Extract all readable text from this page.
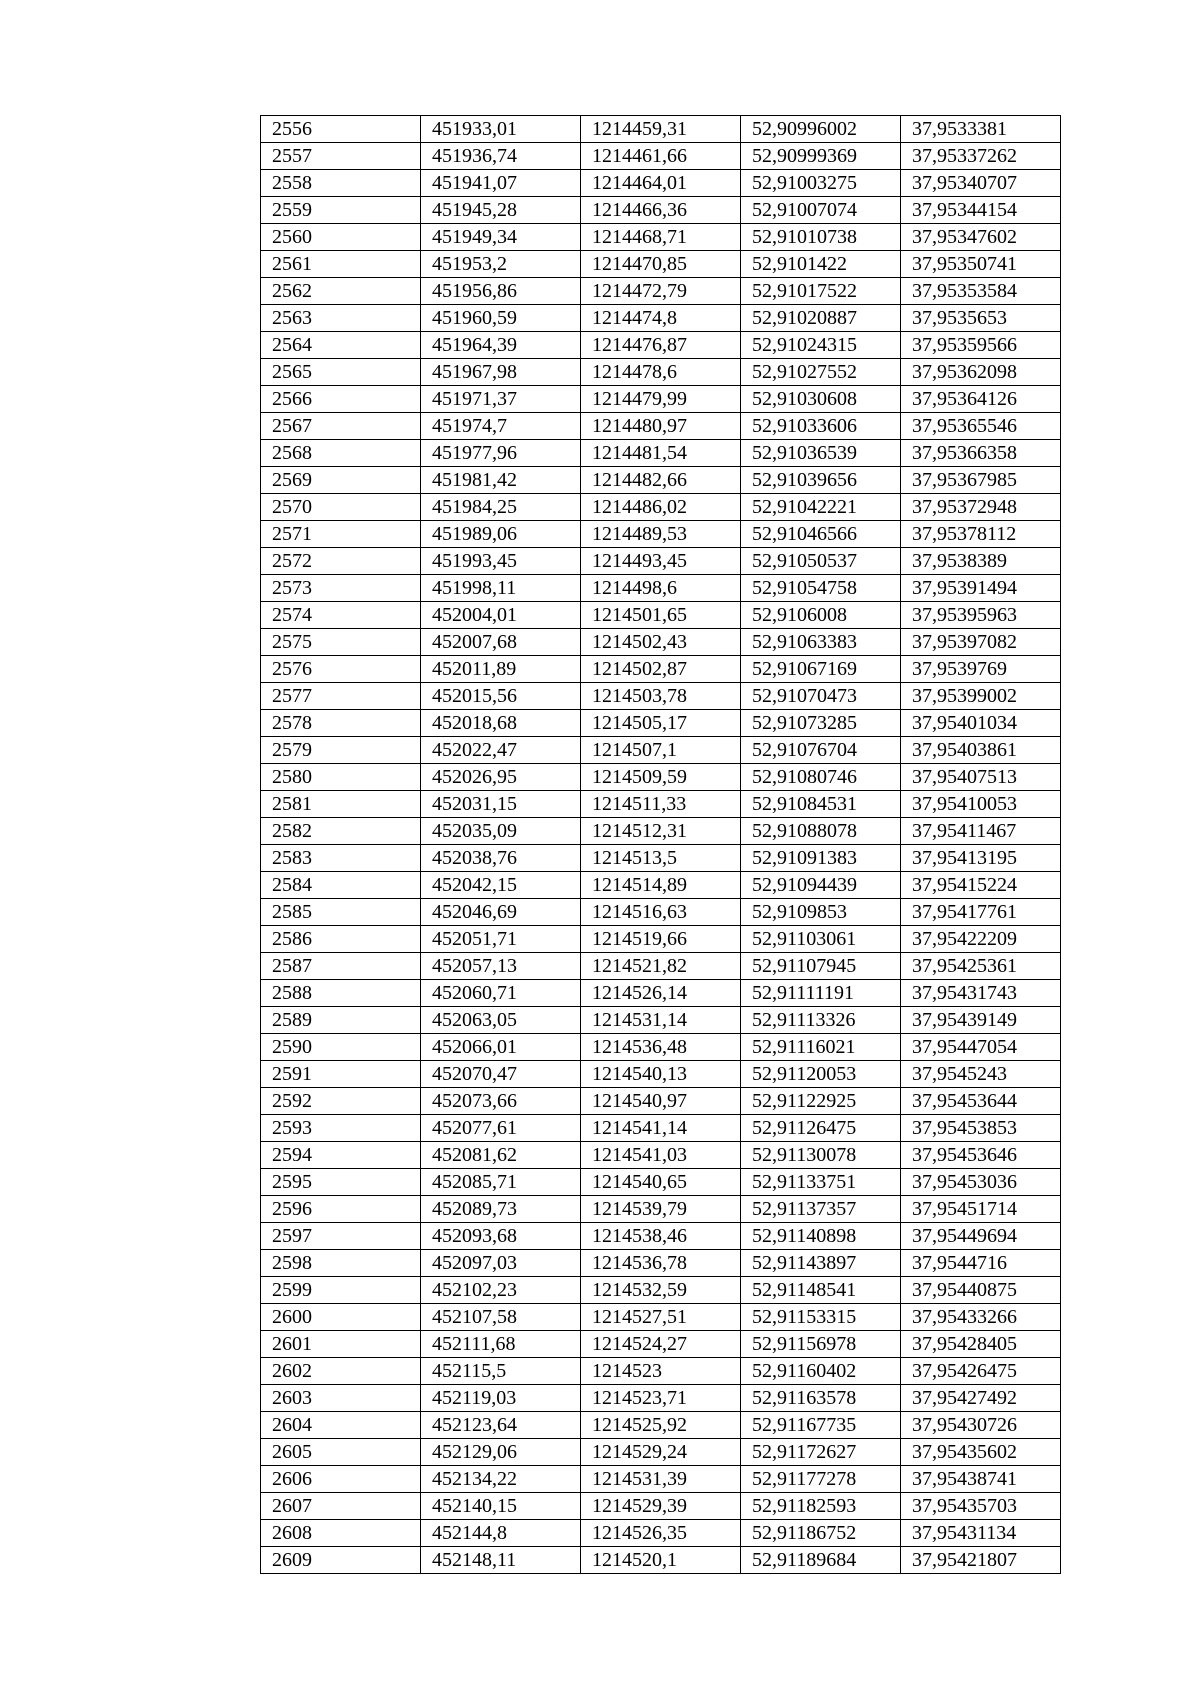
2556	451933,01	1214459,31	52,90996002	37,9533381
2557	451936,74	1214461,66	52,90999369	37,95337262
2558	451941,07	1214464,01	52,91003275	37,95340707
2559	451945,28	1214466,36	52,91007074	37,95344154
2560	451949,34	1214468,71	52,91010738	37,95347602
2561	451953,2	1214470,85	52,9101422	37,95350741
2562	451956,86	1214472,79	52,91017522	37,95353584
2563	451960,59	1214474,8	52,91020887	37,9535653
2564	451964,39	1214476,87	52,91024315	37,95359566
2565	451967,98	1214478,6	52,91027552	37,95362098
2566	451971,37	1214479,99	52,91030608	37,95364126
2567	451974,7	1214480,97	52,91033606	37,95365546
2568	451977,96	1214481,54	52,91036539	37,95366358
2569	451981,42	1214482,66	52,91039656	37,95367985
2570	451984,25	1214486,02	52,91042221	37,95372948
2571	451989,06	1214489,53	52,91046566	37,95378112
2572	451993,45	1214493,45	52,91050537	37,9538389
2573	451998,11	1214498,6	52,91054758	37,95391494
2574	452004,01	1214501,65	52,9106008	37,95395963
2575	452007,68	1214502,43	52,91063383	37,95397082
2576	452011,89	1214502,87	52,91067169	37,9539769
2577	452015,56	1214503,78	52,91070473	37,95399002
2578	452018,68	1214505,17	52,91073285	37,95401034
2579	452022,47	1214507,1	52,91076704	37,95403861
2580	452026,95	1214509,59	52,91080746	37,95407513
2581	452031,15	1214511,33	52,91084531	37,95410053
2582	452035,09	1214512,31	52,91088078	37,95411467
2583	452038,76	1214513,5	52,91091383	37,95413195
2584	452042,15	1214514,89	52,91094439	37,95415224
2585	452046,69	1214516,63	52,9109853	37,95417761
2586	452051,71	1214519,66	52,91103061	37,95422209
2587	452057,13	1214521,82	52,91107945	37,95425361
2588	452060,71	1214526,14	52,91111191	37,95431743
2589	452063,05	1214531,14	52,91113326	37,95439149
2590	452066,01	1214536,48	52,91116021	37,95447054
2591	452070,47	1214540,13	52,91120053	37,9545243
2592	452073,66	1214540,97	52,91122925	37,95453644
2593	452077,61	1214541,14	52,91126475	37,95453853
2594	452081,62	1214541,03	52,91130078	37,95453646
2595	452085,71	1214540,65	52,91133751	37,95453036
2596	452089,73	1214539,79	52,91137357	37,95451714
2597	452093,68	1214538,46	52,91140898	37,95449694
2598	452097,03	1214536,78	52,91143897	37,9544716
2599	452102,23	1214532,59	52,91148541	37,95440875
2600	452107,58	1214527,51	52,91153315	37,95433266
2601	452111,68	1214524,27	52,91156978	37,95428405
2602	452115,5	1214523	52,91160402	37,95426475
2603	452119,03	1214523,71	52,91163578	37,95427492
2604	452123,64	1214525,92	52,91167735	37,95430726
2605	452129,06	1214529,24	52,91172627	37,95435602
2606	452134,22	1214531,39	52,91177278	37,95438741
2607	452140,15	1214529,39	52,91182593	37,95435703
2608	452144,8	1214526,35	52,91186752	37,95431134
2609	452148,11	1214520,1	52,91189684	37,95421807
